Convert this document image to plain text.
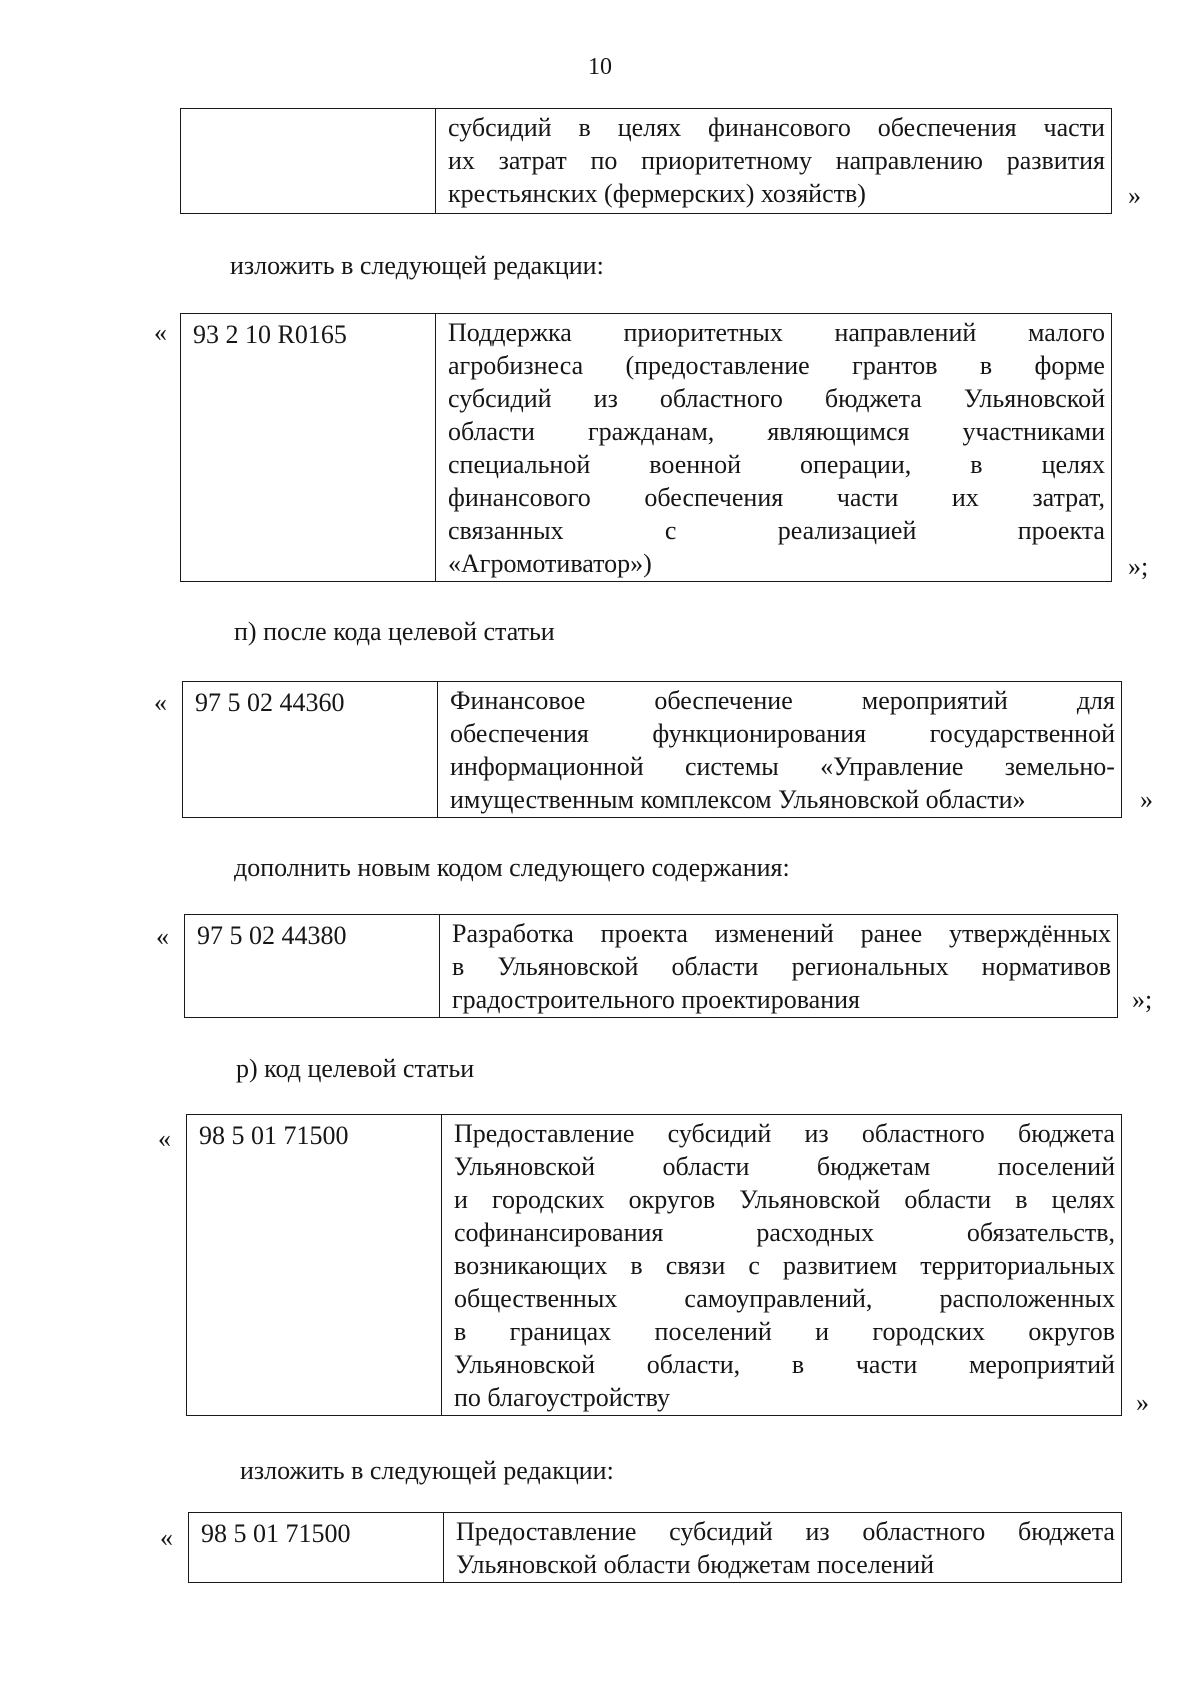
10

субсидий в целях финансового обеспечения части
их затрат по приоритетному направлению развития
крестьянских (фермерских) хозяйств)	»
изложить в следующей редакции:
« 93 2 10 R0165	Поддержка приоритетных направлений малого
агробизнеса (предоставление грантов в форме
субсидий из областного бюджета Ульяновской
области гражданам, являющимся участниками
специальной военной операции, в целях
финансового обеспечения части их затрат,
связанных	с	реализацией	проекта
«Агромотиватор»)	»;
п) после кода целевой статьи
« 97 5 02 44360	Финансовое	обеспечение	мероприятий	для
обеспечения функционирования государственной
информационной системы «Управление земельно-
имущественным комплексом Ульяновской области»	»
дополнить новым кодом следующего содержания:
« 97 5 02 44380	Разработка проекта изменений ранее утверждённых
в Ульяновской области региональных нормативов
градостроительного проектирования	»;
р) код целевой статьи
« 98 5 01 71500	Предоставление субсидий из областного бюджета
Ульяновской	области	бюджетам	поселений
и городских округов Ульяновской области в целях
софинансирования	расходных	обязательств,
возникающих в связи с развитием территориальных
общественных	самоуправлений,	расположенных
в границах поселений и городских округов
Ульяновской области, в части мероприятий
по благоустройству	»
изложить в следующей редакции:
« 98 5 01 71500	Предоставление субсидий из областного бюджета
Ульяновской области бюджетам поселений
